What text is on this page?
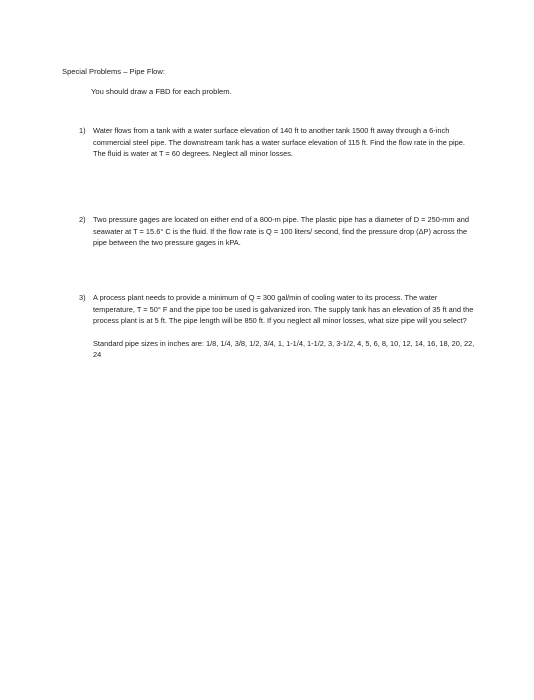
Special Problems – Pipe Flow:
You should draw a FBD for each problem.
1) Water flows from a tank with a water surface elevation of 140 ft to another tank 1500 ft away through a 6-inch commercial steel pipe. The downstream tank has a water surface elevation of 115 ft. Find the flow rate in the pipe. The fluid is water at T = 60 degrees. Neglect all minor losses.

2) Two pressure gages are located on either end of a 800-m pipe. The plastic pipe has a diameter of D = 250-mm and seawater at T = 15.6° C is the fluid. If the flow rate is Q = 100 liters/ second, find the pressure drop (ΔP) across the pipe between the two pressure gages in kPA.

3) A process plant needs to provide a minimum of Q = 300 gal/min of cooling water to its process. The water temperature, T = 50° F and the pipe too be used is galvanized iron. The supply tank has an elevation of 35 ft and the process plant is at 5 ft. The pipe length will be 850 ft. If you neglect all minor losses, what size pipe will you select?

Standard pipe sizes in inches are: 1/8, 1/4, 3/8, 1/2, 3/4, 1, 1-1/4, 1-1/2, 3, 3-1/2, 4, 5, 6, 8, 10, 12, 14, 16, 18, 20, 22, 24
